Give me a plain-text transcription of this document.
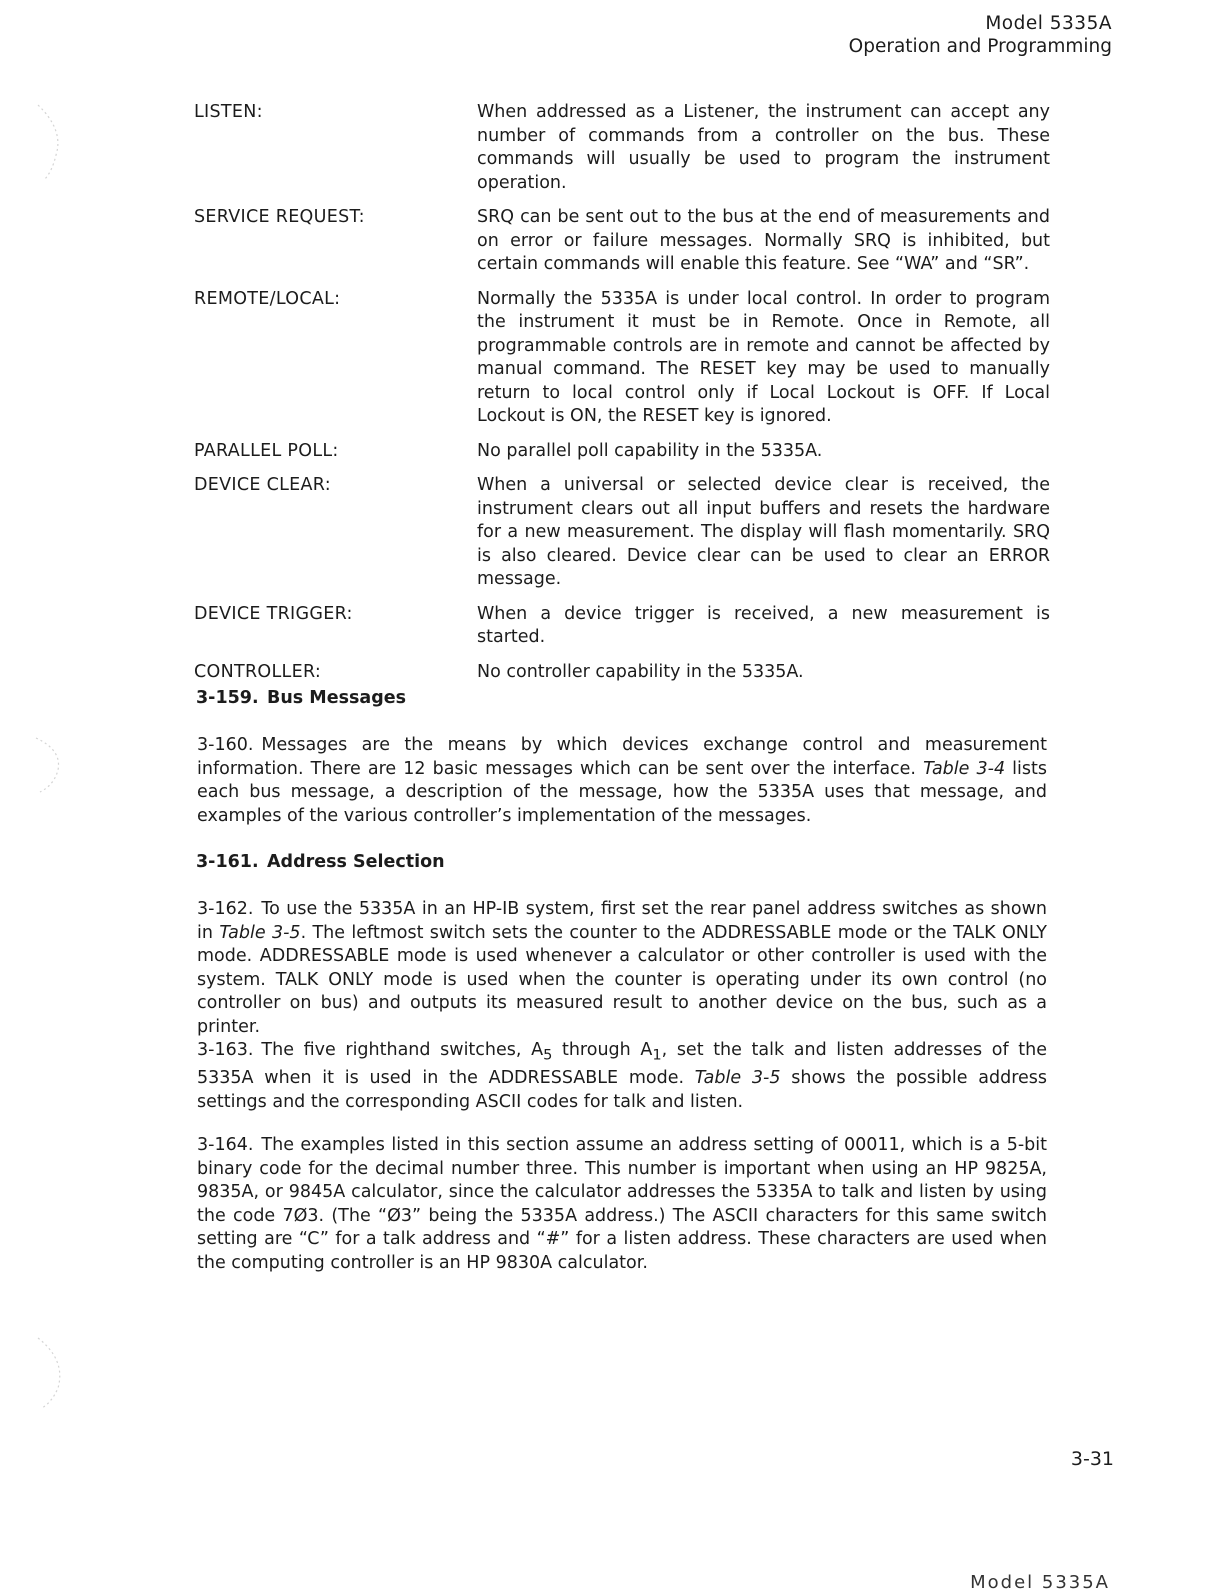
Model 5335A
Operation and Programming
LISTEN:	When addressed as a Listener, the instrument can accept any number of commands from a controller on the bus. These commands will usually be used to program the instrument operation.
SERVICE REQUEST:	SRQ can be sent out to the bus at the end of measurements and on error or failure messages. Normally SRQ is inhibited, but certain commands will enable this feature. See “WA” and “SR”.
REMOTE/LOCAL:	Normally the 5335A is under local control. In order to program the instrument it must be in Remote. Once in Remote, all programmable controls are in remote and cannot be affected by manual command. The RESET key may be used to manually return to local control only if Local Lockout is OFF. If Local Lockout is ON, the RESET key is ignored.
PARALLEL POLL:	No parallel poll capability in the 5335A.
DEVICE CLEAR:	When a universal or selected device clear is received, the instrument clears out all input buffers and resets the hardware for a new measurement. The display will flash momentarily. SRQ is also cleared. Device clear can be used to clear an ERROR message.
DEVICE TRIGGER:	When a device trigger is received, a new measurement is started.
CONTROLLER:	No controller capability in the 5335A.
3-159. Bus Messages
3-160. Messages are the means by which devices exchange control and measurement information. There are 12 basic messages which can be sent over the interface. Table 3-4 lists each bus message, a description of the message, how the 5335A uses that message, and examples of the various controller’s implementation of the messages.
3-161. Address Selection
3-162. To use the 5335A in an HP-IB system, first set the rear panel address switches as shown in Table 3-5. The leftmost switch sets the counter to the ADDRESSABLE mode or the TALK ONLY mode. ADDRESSABLE mode is used whenever a calculator or other controller is used with the system. TALK ONLY mode is used when the counter is operating under its own control (no controller on bus) and outputs its measured result to another device on the bus, such as a printer.
3-163. The five righthand switches, $A_5$ through $A_1$, set the talk and listen addresses of the 5335A when it is used in the ADDRESSABLE mode. Table 3-5 shows the possible address settings and the corresponding ASCII codes for talk and listen.
3-164. The examples listed in this section assume an address setting of 00011, which is a 5-bit binary code for the decimal number three. This number is important when using an HP 9825A, 9835A, or 9845A calculator, since the calculator addresses the 5335A to talk and listen by using the code 7Ø3. (The “Ø3” being the 5335A address.) The ASCII characters for this same switch setting are “C” for a talk address and “#” for a listen address. These characters are used when the computing controller is an HP 9830A calculator.
3-31
Model 5335A
